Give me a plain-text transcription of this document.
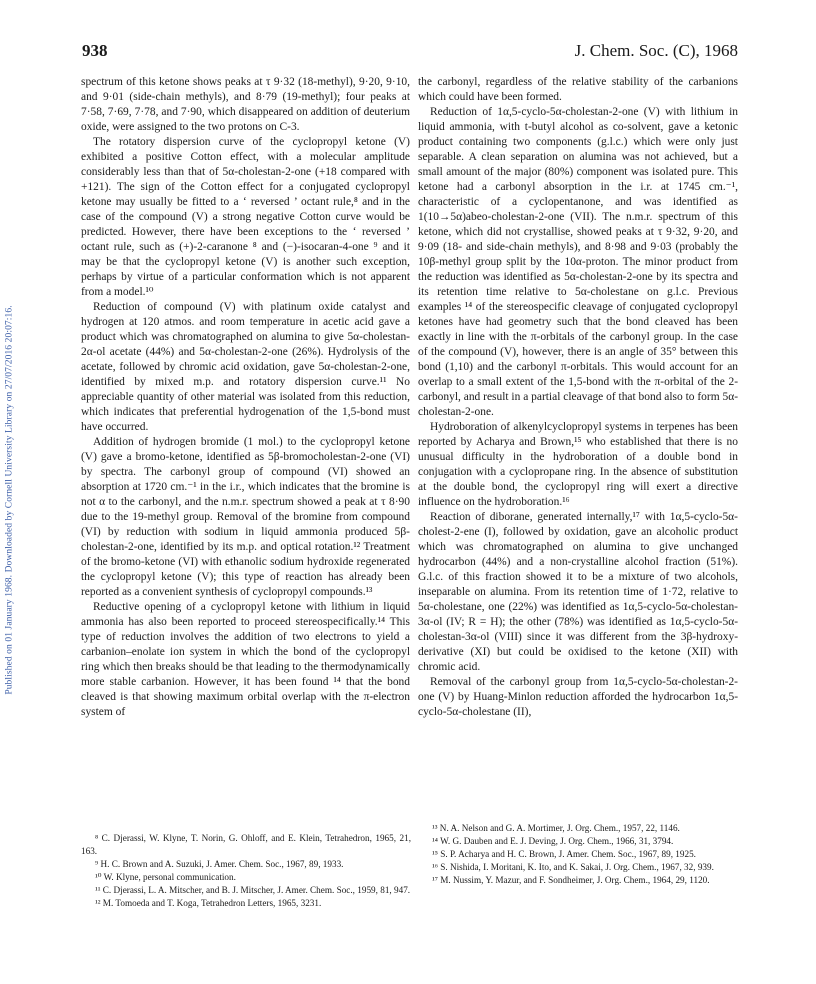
938	J. Chem. Soc. (C), 1968
Published on 01 January 1968. Downloaded by Cornell University Library on 27/07/2016 20:07:16.

spectrum of this ketone shows peaks at τ 9·32 (18-methyl), 9·20, 9·10, and 9·01 (side-chain methyls), and 8·79 (19-methyl); four peaks at 7·58, 7·69, 7·78, and 7·90, which disappeared on addition of deuterium oxide, were assigned to the two protons on C-3.

The rotatory dispersion curve of the cyclopropyl ketone (V) exhibited a positive Cotton effect, with a molecular amplitude considerably less than that of 5α-cholestan-2-one (+18 compared with +121). The sign of the Cotton effect for a conjugated cyclopropyl ketone may usually be fitted to a ‘ reversed ’ octant rule,⁸ and in the case of the compound (V) a strong negative Cotton curve would be predicted. However, there have been exceptions to the ‘ reversed ’ octant rule, such as (+)-2-caranone ⁸ and (−)-isocaran-4-one ⁹ and it may be that the cyclopropyl ketone (V) is another such exception, perhaps by virtue of a particular conformation which is not apparent from a model.¹⁰

Reduction of compound (V) with platinum oxide catalyst and hydrogen at 120 atmos. and room temperature in acetic acid gave a product which was chromatographed on alumina to give 5α-cholestan-2α-ol acetate (44%) and 5α-cholestan-2-one (26%). Hydrolysis of the acetate, followed by chromic acid oxidation, gave 5α-cholestan-2-one, identified by mixed m.p. and rotatory dispersion curve.¹¹ No appreciable quantity of other material was isolated from this reduction, which indicates that preferential hydrogenation of the 1,5-bond must have occurred.

Addition of hydrogen bromide (1 mol.) to the cyclopropyl ketone (V) gave a bromo-ketone, identified as 5β-bromocholestan-2-one (VI) by spectra. The carbonyl group of compound (VI) showed an absorption at 1720 cm.⁻¹ in the i.r., which indicates that the bromine is not α to the carbonyl, and the n.m.r. spectrum showed a peak at τ 8·90 due to the 19-methyl group. Removal of the bromine from compound (VI) by reduction with sodium in liquid ammonia produced 5β-cholestan-2-one, identified by its m.p. and optical rotation.¹² Treatment of the bromo-ketone (VI) with ethanolic sodium hydroxide regenerated the cyclopropyl ketone (V); this type of reaction has already been reported as a convenient synthesis of cyclopropyl compounds.¹³

Reductive opening of a cyclopropyl ketone with lithium in liquid ammonia has also been reported to proceed stereospecifically.¹⁴ This type of reduction involves the addition of two electrons to yield a carbanion–enolate ion system in which the bond of the cyclopropyl ring which then breaks should be that leading to the thermodynamically more stable carbanion. However, it has been found ¹⁴ that the bond cleaved is that showing maximum orbital overlap with the π-electron system of

the carbonyl, regardless of the relative stability of the carbanions which could have been formed.

Reduction of 1α,5-cyclo-5α-cholestan-2-one (V) with lithium in liquid ammonia, with t-butyl alcohol as co-solvent, gave a ketonic product containing two components (g.l.c.) which were only just separable. A clean separation on alumina was not achieved, but a small amount of the major (80%) component was isolated pure. This ketone had a carbonyl absorption in the i.r. at 1745 cm.⁻¹, characteristic of a cyclopentanone, and was identified as 1(10→5α)abeo-cholestan-2-one (VII). The n.m.r. spectrum of this ketone, which did not crystallise, showed peaks at τ 9·32, 9·20, and 9·09 (18- and side-chain methyls), and 8·98 and 9·03 (probably the 10β-methyl group split by the 10α-proton. The minor product from the reduction was identified as 5α-cholestan-2-one by its spectra and its retention time relative to 5α-cholestane on g.l.c. Previous examples ¹⁴ of the stereospecific cleavage of conjugated cyclopropyl ketones have had geometry such that the bond cleaved has been exactly in line with the π-orbitals of the carbonyl group. In the case of the compound (V), however, there is an angle of 35° between this bond (1,10) and the carbonyl π-orbitals. This would account for an overlap to a small extent of the 1,5-bond with the π-orbital of the 2-carbonyl, and result in a partial cleavage of that bond also to form 5α-cholestan-2-one.

Hydroboration of alkenylcyclopropyl systems in terpenes has been reported by Acharya and Brown,¹⁵ who established that there is no unusual difficulty in the hydroboration of a double bond in conjugation with a cyclopropane ring. In the absence of substitution at the double bond, the cyclopropyl ring will exert a directive influence on the hydroboration.¹⁶

Reaction of diborane, generated internally,¹⁷ with 1α,5-cyclo-5α-cholest-2-ene (I), followed by oxidation, gave an alcoholic product which was chromatographed on alumina to give unchanged hydrocarbon (44%) and a non-crystalline alcohol fraction (51%). G.l.c. of this fraction showed it to be a mixture of two alcohols, inseparable on alumina. From its retention time of 1·72, relative to 5α-cholestane, one (22%) was identified as 1α,5-cyclo-5α-cholestan-3α-ol (IV; R = H); the other (78%) was identified as 1α,5-cyclo-5α-cholestan-3α-ol (VIII) since it was different from the 3β-hydroxy-derivative (XI) but could be oxidised to the ketone (XII) with chromic acid.

Removal of the carbonyl group from 1α,5-cyclo-5α-cholestan-2-one (V) by Huang-Minlon reduction afforded the hydrocarbon 1α,5-cyclo-5α-cholestane (II),

⁸ C. Djerassi, W. Klyne, T. Norin, G. Ohloff, and E. Klein, Tetrahedron, 1965, 21, 163.

⁹ H. C. Brown and A. Suzuki, J. Amer. Chem. Soc., 1967, 89, 1933.

¹⁰ W. Klyne, personal communication.

¹¹ C. Djerassi, L. A. Mitscher, and B. J. Mitscher, J. Amer. Chem. Soc., 1959, 81, 947.

¹² M. Tomoeda and T. Koga, Tetrahedron Letters, 1965, 3231.

¹³ N. A. Nelson and G. A. Mortimer, J. Org. Chem., 1957, 22, 1146.

¹⁴ W. G. Dauben and E. J. Deving, J. Org. Chem., 1966, 31, 3794.

¹⁵ S. P. Acharya and H. C. Brown, J. Amer. Chem. Soc., 1967, 89, 1925.

¹⁶ S. Nishida, I. Moritani, K. Ito, and K. Sakai, J. Org. Chem., 1967, 32, 939.

¹⁷ M. Nussim, Y. Mazur, and F. Sondheimer, J. Org. Chem., 1964, 29, 1120.
